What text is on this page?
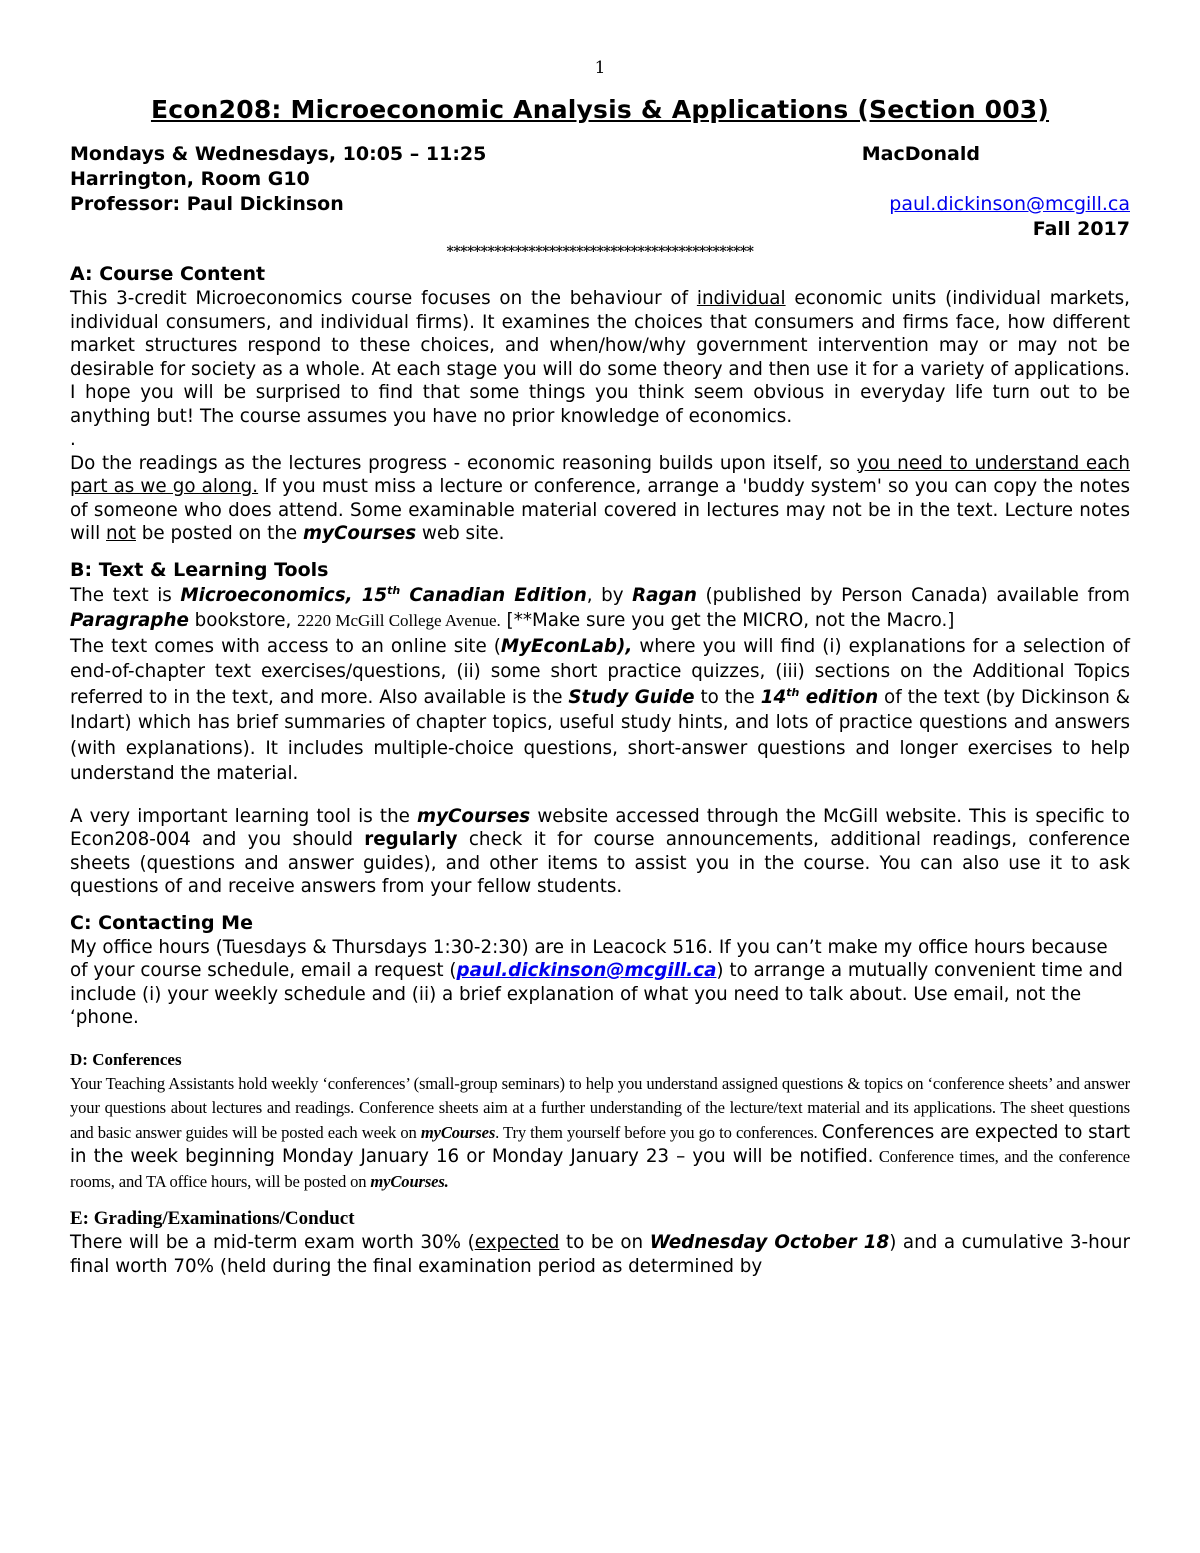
1
Econ208: Microeconomic Analysis & Applications (Section 003)
Mondays & Wednesdays, 10:05 – 11:25	MacDonald
Harrington, Room G10
Professor: Paul Dickinson	paul.dickinson@mcgill.ca
Fall 2017
*********************************************
A: Course Content

This 3-credit Microeconomics course focuses on the behaviour of individual economic units (individual markets, individual consumers, and individual firms). It examines the choices that consumers and firms face, how different market structures respond to these choices, and when/how/why government intervention may or may not be desirable for society as a whole. At each stage you will do some theory and then use it for a variety of applications. I hope you will be surprised to find that some things you think seem obvious in everyday life turn out to be anything but! The course assumes you have no prior knowledge of economics.

.

Do the readings as the lectures progress - economic reasoning builds upon itself, so you need to understand each part as we go along. If you must miss a lecture or conference, arrange a 'buddy system' so you can copy the notes of someone who does attend. Some examinable material covered in lectures may not be in the text. Lecture notes will not be posted on the myCourses web site.

B: Text & Learning Tools

The text is Microeconomics, 15th Canadian Edition, by Ragan (published by Person Canada) available from Paragraphe bookstore, 2220 McGill College Avenue. [**Make sure you get the MICRO, not the Macro.]

The text comes with access to an online site (MyEconLab), where you will find (i) explanations for a selection of end-of-chapter text exercises/questions, (ii) some short practice quizzes, (iii) sections on the Additional Topics referred to in the text, and more. Also available is the Study Guide to the 14th edition of the text (by Dickinson & Indart) which has brief summaries of chapter topics, useful study hints, and lots of practice questions and answers (with explanations). It includes multiple-choice questions, short-answer questions and longer exercises to help understand the material.

A very important learning tool is the myCourses website accessed through the McGill website. This is specific to Econ208-004 and you should regularly check it for course announcements, additional readings, conference sheets (questions and answer guides), and other items to assist you in the course. You can also use it to ask questions of and receive answers from your fellow students.

C: Contacting Me

My office hours (Tuesdays & Thursdays 1:30-2:30) are in Leacock 516. If you can’t make my office hours because of your course schedule, email a request (paul.dickinson@mcgill.ca) to arrange a mutually convenient time and include (i) your weekly schedule and (ii) a brief explanation of what you need to talk about. Use email, not the ‘phone.

D: Conferences

Your Teaching Assistants hold weekly ‘conferences’ (small-group seminars) to help you understand assigned questions & topics on ‘conference sheets’ and answer your questions about lectures and readings. Conference sheets aim at a further understanding of the lecture/text material and its applications. The sheet questions and basic answer guides will be posted each week on myCourses. Try them yourself before you go to conferences. Conferences are expected to start in the week beginning Monday January 16 or Monday January 23 – you will be notified. Conference times, and the conference rooms, and TA office hours, will be posted on myCourses.

E: Grading/Examinations/Conduct

There will be a mid-term exam worth 30% (expected to be on Wednesday October 18) and a cumulative 3-hour final worth 70% (held during the final examination period as determined by
